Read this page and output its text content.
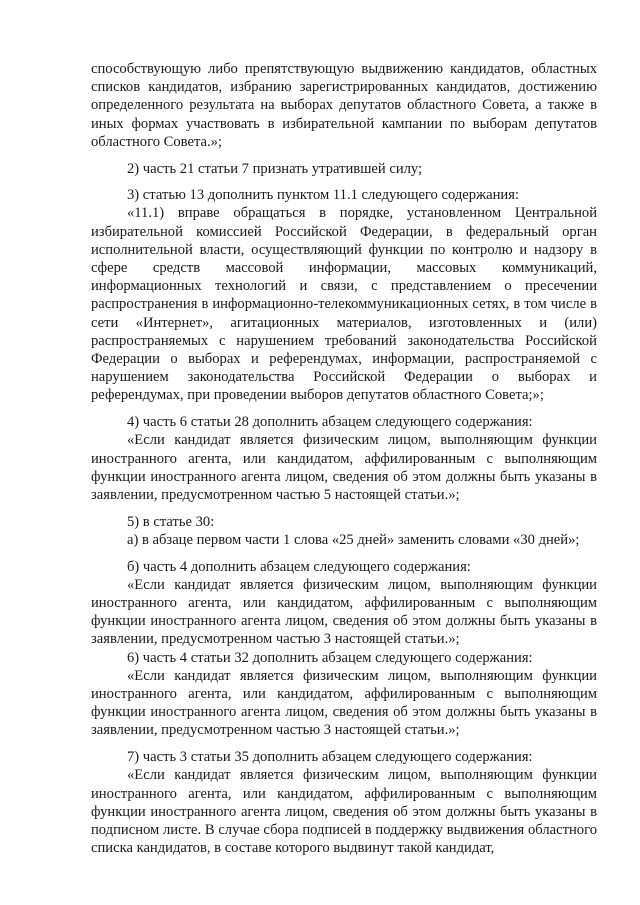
способствующую либо препятствующую выдвижению кандидатов, областных списков кандидатов, избранию зарегистрированных кандидатов, достижению определенного результата на выборах депутатов областного Совета, а также в иных формах участвовать в избирательной кампании по выборам депутатов областного Совета.»;

2) часть 21 статьи 7 признать утратившей силу;

3) статью 13 дополнить пунктом 11.1 следующего содержания:

«11.1) вправе обращаться в порядке, установленном Центральной избирательной комиссией Российской Федерации, в федеральный орган исполнительной власти, осуществляющий функции по контролю и надзору в сфере средств массовой информации, массовых коммуникаций, информационных технологий и связи, с представлением о пресечении распространения в информационно-телекоммуникационных сетях, в том числе в сети «Интернет», агитационных материалов, изготовленных и (или) распространяемых с нарушением требований законодательства Российской Федерации о выборах и референдумах, информации, распространяемой с нарушением законодательства Российской Федерации о выборах и референдумах, при проведении выборов депутатов областного Совета;»;

4) часть 6 статьи 28 дополнить абзацем следующего содержания:

«Если кандидат является физическим лицом, выполняющим функции иностранного агента, или кандидатом, аффилированным с выполняющим функции иностранного агента лицом, сведения об этом должны быть указаны в заявлении, предусмотренном частью 5 настоящей статьи.»;

5) в статье 30:

а) в абзаце первом части 1 слова «25 дней» заменить словами «30 дней»;

б) часть 4 дополнить абзацем следующего содержания:

«Если кандидат является физическим лицом, выполняющим функции иностранного агента, или кандидатом, аффилированным с выполняющим функции иностранного агента лицом, сведения об этом должны быть указаны в заявлении, предусмотренном частью 3 настоящей статьи.»;

6) часть 4 статьи 32 дополнить абзацем следующего содержания:

«Если кандидат является физическим лицом, выполняющим функции иностранного агента, или кандидатом, аффилированным с выполняющим функции иностранного агента лицом, сведения об этом должны быть указаны в заявлении, предусмотренном частью 3 настоящей статьи.»;

7) часть 3 статьи 35 дополнить абзацем следующего содержания:

«Если кандидат является физическим лицом, выполняющим функции иностранного агента, или кандидатом, аффилированным с выполняющим функции иностранного агента лицом, сведения об этом должны быть указаны в подписном листе. В случае сбора подписей в поддержку выдвижения областного списка кандидатов, в составе которого выдвинут такой кандидат,
